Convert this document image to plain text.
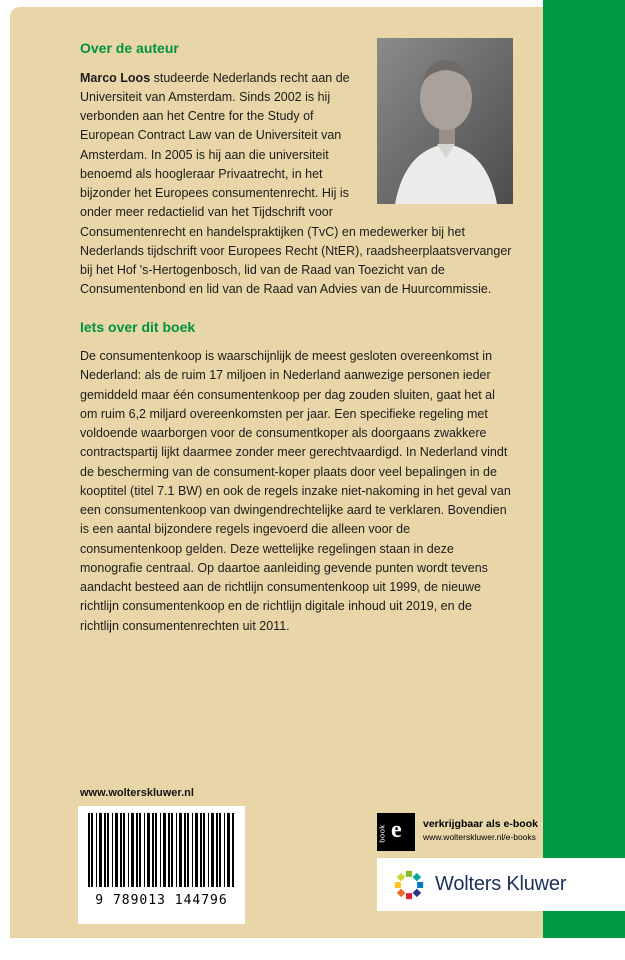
Over de auteur

Marco Loos studeerde Nederlands recht aan de Universiteit van Amsterdam. Sinds 2002 is hij verbonden aan het Centre for the Study of European Contract Law van de Universiteit van Amsterdam. In 2005 is hij aan die universiteit benoemd als hoogleraar Privaatrecht, in het bijzonder het Europees consumentenrecht. Hij is onder meer redactielid van het Tijdschrift voor Consumentenrecht en handelspraktijken (TvC) en medewerker bij het Nederlands tijdschrift voor Europees Recht (NtER), raadsheerplaatsvervanger bij het Hof 's-Hertogenbosch, lid van de Raad van Toezicht van de Consumentenbond en lid van de Raad van Advies van de Huurcommissie.

Iets over dit boek

De consumentenkoop is waarschijnlijk de meest gesloten overeenkomst in Nederland: als de ruim 17 miljoen in Nederland aanwezige personen ieder gemiddeld maar één consumentenkoop per dag zouden sluiten, gaat het al om ruim 6,2 miljard overeenkomsten per jaar. Een specifieke regeling met voldoende waarborgen voor de consumentkoper als doorgaans zwakkere contractspartij lijkt daarmee zonder meer gerechtvaardigd. In Nederland vindt de bescherming van de consument-koper plaats door veel bepalingen in de kooptitel (titel 7.1 BW) en ook de regels inzake niet-nakoming in het geval van een consumentenkoop van dwingendrechtelijke aard te verklaren. Bovendien is een aantal bijzondere regels ingevoerd die alleen voor de consumentenkoop gelden. Deze wettelijke regelingen staan in deze monografie centraal. Op daartoe aanleiding gevende punten wordt tevens aandacht besteed aan de richtlijn consumentenkoop uit 1999, de nieuwe richtlijn consumentenkoop en de richtlijn digitale inhoud uit 2019, en de richtlijn consumentenrechten uit 2011.

www.wolterskluwer.nl
9 789013 144796
book e verkrijgbaar als e-book
www.wolterskluwer.nl/e-books
Wolters Kluwer
